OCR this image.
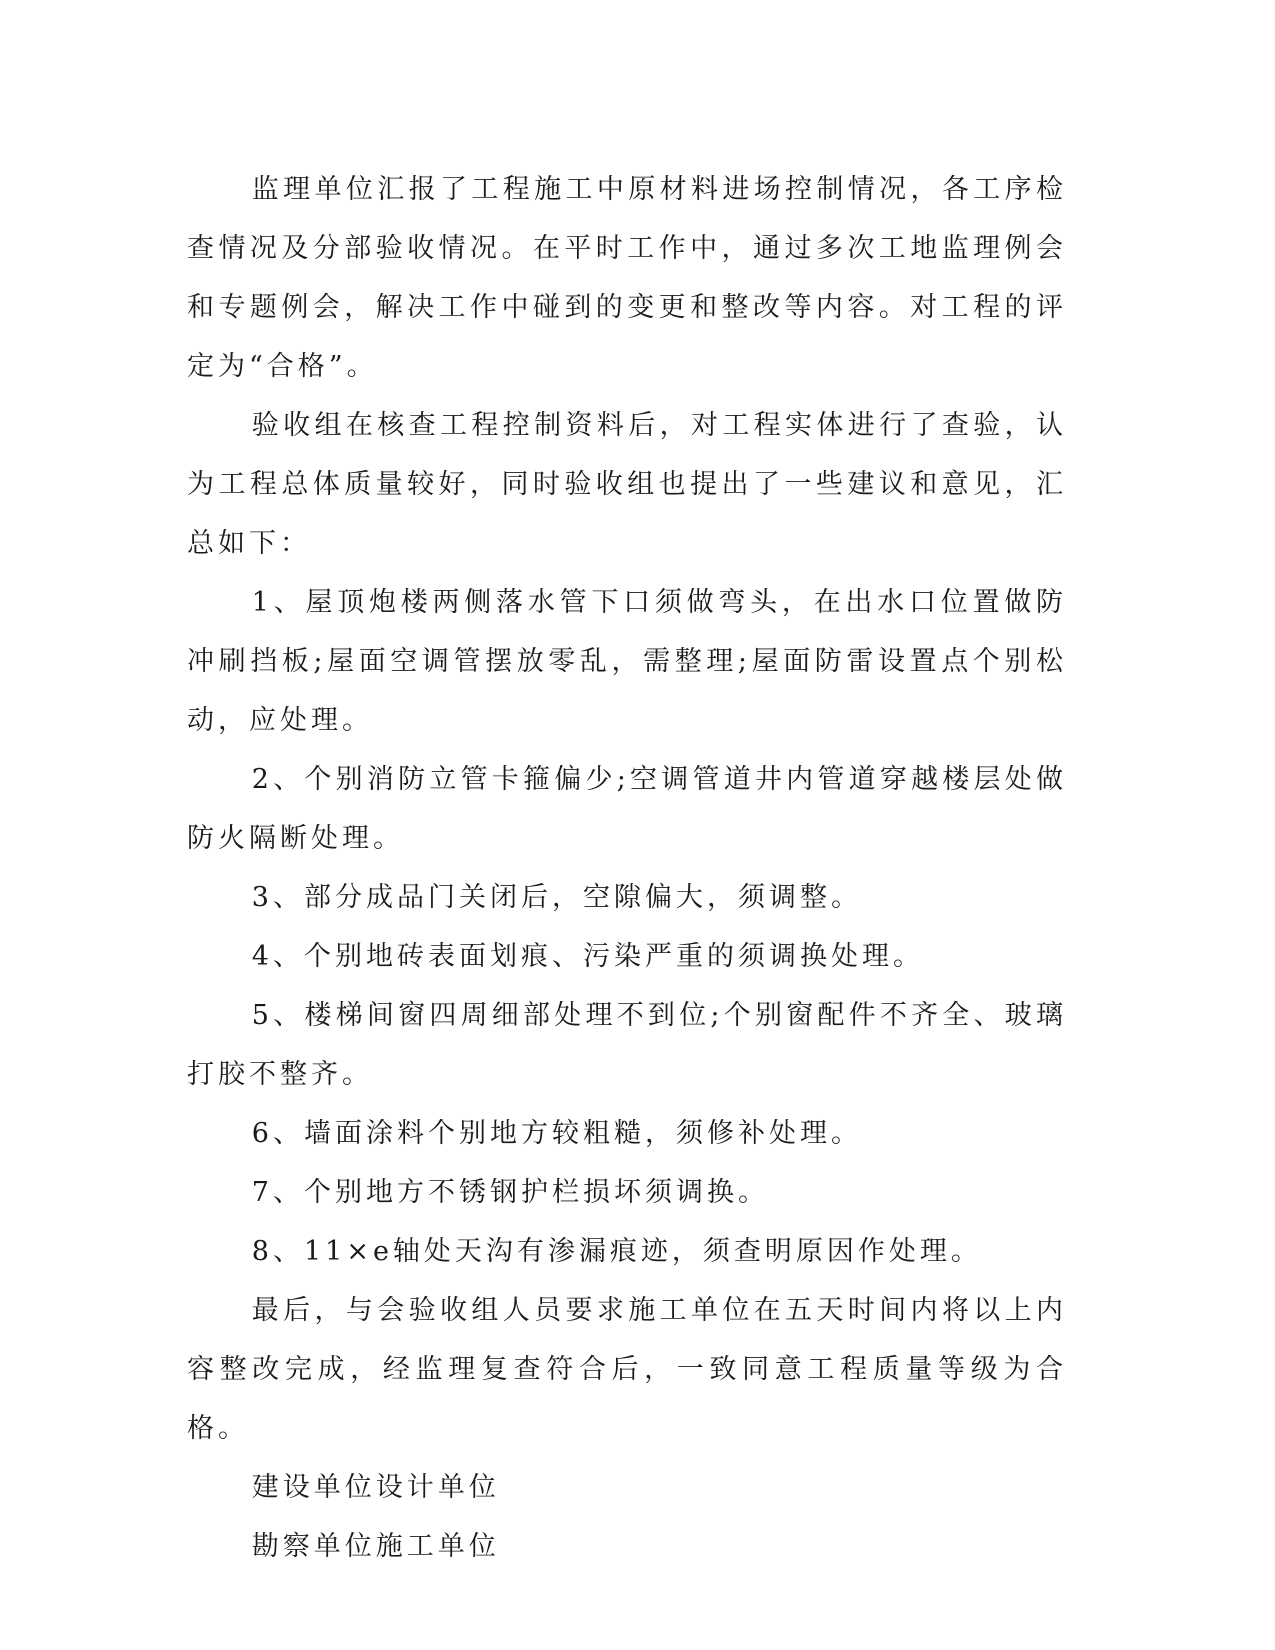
监理单位汇报了工程施工中原材料进场控制情况，各工序检查情况及分部验收情况。在平时工作中，通过多次工地监理例会和专题例会，解决工作中碰到的变更和整改等内容。对工程的评定为“合格”。

验收组在核查工程控制资料后，对工程实体进行了查验，认为工程总体质量较好，同时验收组也提出了一些建议和意见，汇总如下：

1、屋顶炮楼两侧落水管下口须做弯头，在出水口位置做防冲刷挡板;屋面空调管摆放零乱，需整理;屋面防雷设置点个别松动，应处理。

2、个别消防立管卡箍偏少;空调管道井内管道穿越楼层处做防火隔断处理。

3、部分成品门关闭后，空隙偏大，须调整。

4、个别地砖表面划痕、污染严重的须调换处理。

5、楼梯间窗四周细部处理不到位;个别窗配件不齐全、玻璃打胶不整齐。

6、墙面涂料个别地方较粗糙，须修补处理。

7、个别地方不锈钢护栏损坏须调换。

8、11×e轴处天沟有渗漏痕迹，须查明原因作处理。

最后，与会验收组人员要求施工单位在五天时间内将以上内容整改完成，经监理复查符合后，一致同意工程质量等级为合格。

建设单位设计单位

勘察单位施工单位
